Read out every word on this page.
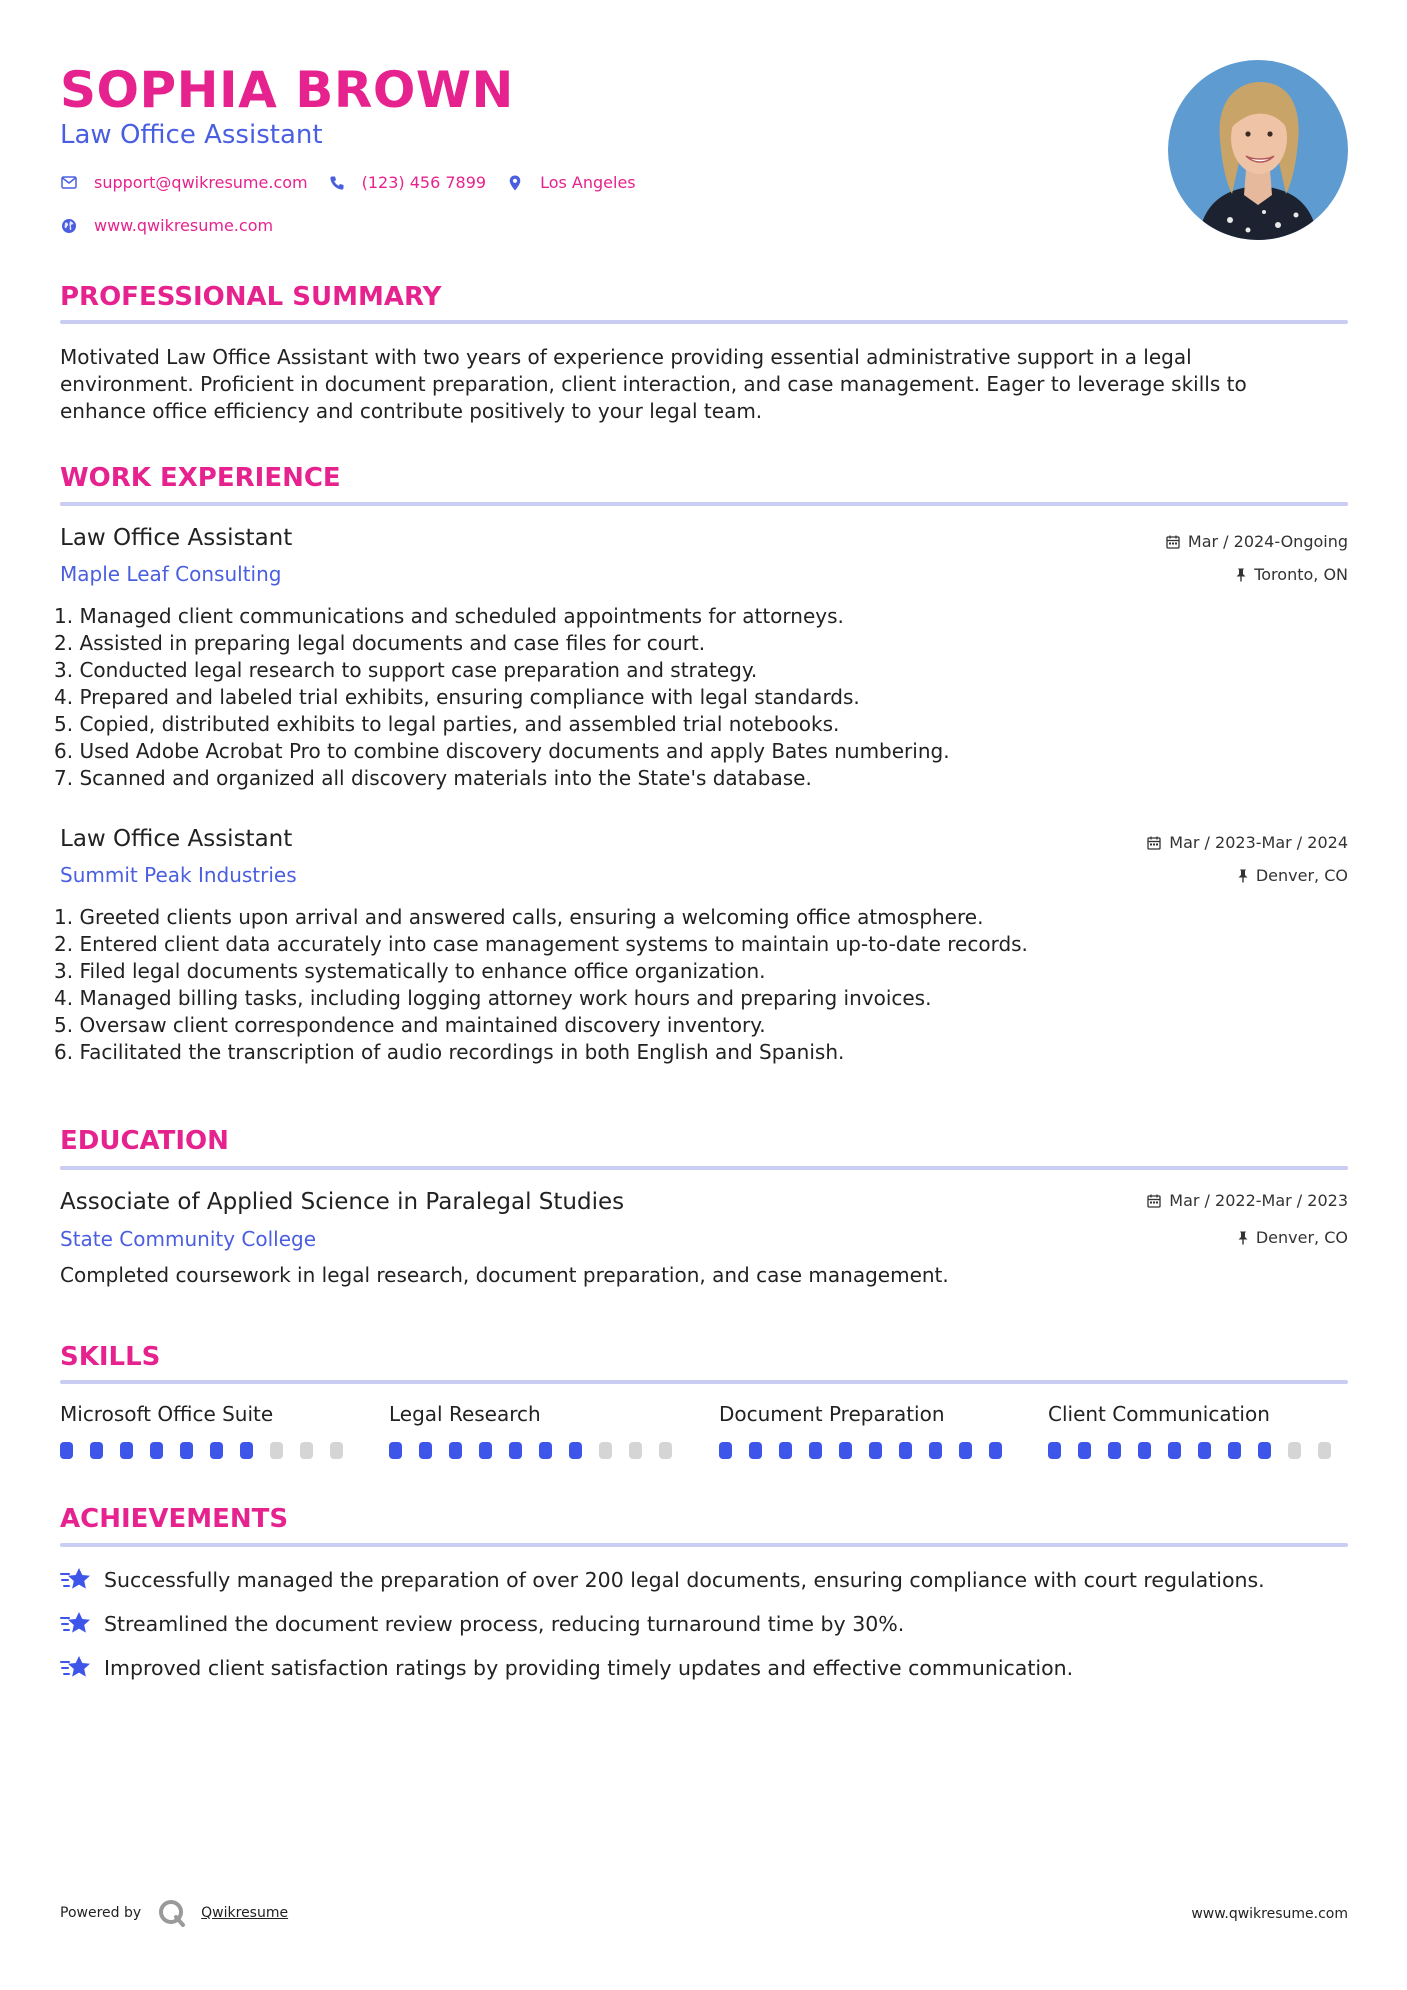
SOPHIA BROWN
Law Office Assistant
support@qwikresume.com	(123) 456 7899	Los Angeles
www.qwikresume.com
PROFESSIONAL SUMMARY
Motivated Law Office Assistant with two years of experience providing essential administrative support in a legal
environment. Proficient in document preparation, client interaction, and case management. Eager to leverage skills to
enhance office efficiency and contribute positively to your legal team.
WORK EXPERIENCE
Law Office Assistant
Maple Leaf Consulting
Mar / 2024-Ongoing
Toronto, ON
1. Managed client communications and scheduled appointments for attorneys.
2. Assisted in preparing legal documents and case files for court.
3. Conducted legal research to support case preparation and strategy.
4. Prepared and labeled trial exhibits, ensuring compliance with legal standards.
5. Copied, distributed exhibits to legal parties, and assembled trial notebooks.
6. Used Adobe Acrobat Pro to combine discovery documents and apply Bates numbering.
7. Scanned and organized all discovery materials into the State's database.
Law Office Assistant
Summit Peak Industries
Mar / 2023-Mar / 2024
Denver, CO
1. Greeted clients upon arrival and answered calls, ensuring a welcoming office atmosphere.
2. Entered client data accurately into case management systems to maintain up-to-date records.
3. Filed legal documents systematically to enhance office organization.
4. Managed billing tasks, including logging attorney work hours and preparing invoices.
5. Oversaw client correspondence and maintained discovery inventory.
6. Facilitated the transcription of audio recordings in both English and Spanish.
EDUCATION
Associate of Applied Science in Paralegal Studies
State Community College
Mar / 2022-Mar / 2023
Denver, CO
Completed coursework in legal research, document preparation, and case management.
SKILLS
Microsoft Office Suite	Legal Research	Document Preparation	Client Communication
ACHIEVEMENTS
Successfully managed the preparation of over 200 legal documents, ensuring compliance with court regulations.
Streamlined the document review process, reducing turnaround time by 30%.
Improved client satisfaction ratings by providing timely updates and effective communication.
Powered by	Qwikresume	www.qwikresume.com
